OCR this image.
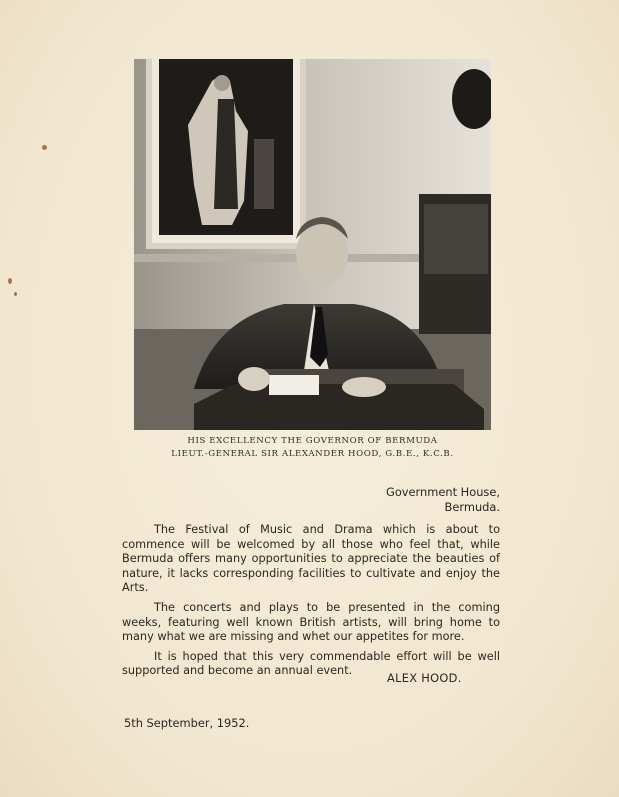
HIS EXCELLENCY THE GOVERNOR OF BERMUDA
LIEUT.-GENERAL SIR ALEXANDER HOOD, G.B.E., K.C.B.
Government House,
Bermuda.

The Festival of Music and Drama which is about to commence will be welcomed by all those who feel that, while Bermuda offers many opportunities to appreciate the beauties of nature, it lacks corresponding facilities to cultivate and enjoy the Arts.

The concerts and plays to be presented in the coming weeks, featuring well known British artists, will bring home to many what we are missing and whet our appetites for more.

It is hoped that this very commendable effort will be well supported and become an annual event.

ALEX HOOD.
5th September, 1952.
